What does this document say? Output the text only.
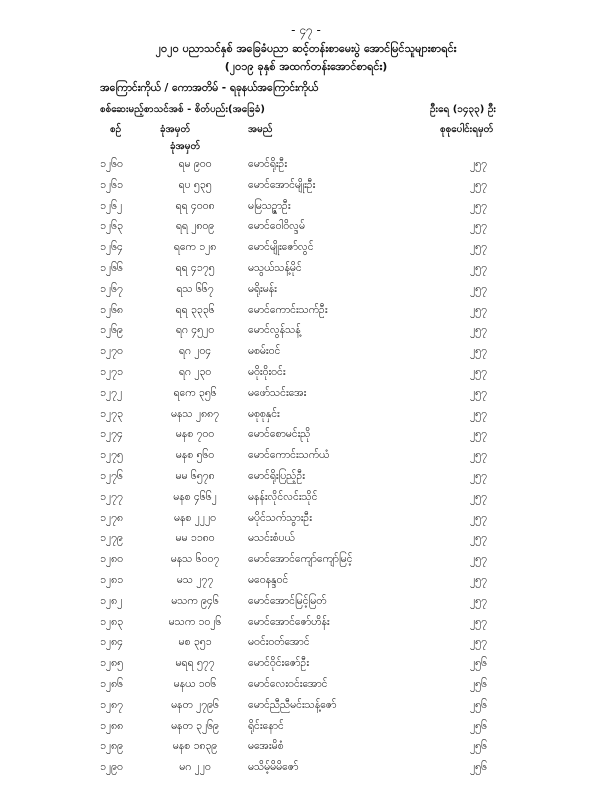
- ၄၇ -
၂၀၂၀ ပညာသင်နှစ် အခြေခံပညာ ဆင့်တန်းစာမေးပွဲ အောင်မြင်သူများစာရင်း
(၂၀၁၉ ခုနှစ် အထက်တန်းအောင်စာရင်း)
အကြောင်းကိုယ် / ကောအတိမ် - ရခုနယ်အကြောင်းကိုယ်
စစ်ဆေးမည့်စာသင်အစ် - စိတ်ပည်း(အခြေခံ)	ဦးရေ (၁၄၃၃) ဦး
စဉ်	ခုံအမှတ်	အမည်	စုစုပေါင်းရမှတ်
ခုံအမှတ်
၁၂၆၀	ရမ ၉၀၀	မောင်ရိုးဦး	၂၅၇
၁၂၆၁	ရပ ၅၃၅	မောင်အောင်မျိုးဦး	၂၅၇
၁၂၆၂	ရရ ၄၀၀၈	မမြသဉ္ဇာဦး	၂၅၇
၁၂၆၃	ရရ ၂၈၀၉	မောင်ဝေါဝိလ္ဒမ်	၂၅၇
၁၂၆၄	ရကေ ၁၂၈	မောင်မျိုးဇော်လွင်	၂၅၇
၁၂၆၆	ရရ ၄၁၇၅	မသွယ်သန့်မိုင်	၂၅၇
၁၂၆၇	ရသ ၆၆၇	မရိုးမန်း	၂၅၇
၁၂၆၈	ရရ ၃၃၃၆	မောင်ကောင်းသက်ဦး	၂၅၇
၁၂၆၉	ရဂ ၄၅၂၀	မောင်လွန်သန့်	၂၅၇
၁၂၇၀	ရဂ ၂၀၄	မစမ်းဝင်	၂၅၇
၁၂၇၁	ရဂ ၂၃၀	မဝိုးဝိုးဝင်း	၂၅၇
၁၂၇၂	ရကေ ၃၅၆	မဖော်သင်းအေး	၂၅၇
၁၂၇၃	မနသ ၂၈၈၇	မစုစုနှင်း	၂၅၇
၁၂၇၄	မနစ ၇၀၀	မောင်စောမင်းညို	၂၅၇
၁၂၇၅	မနစ ၅၆၀	မောင်ကောင်းသက်ယံ	၂၅၇
၁၂၇၆	မမ ၆၅၇၈	မောင်ရိုးပြည့်ဦး	၂၅၇
၁၂၇၇	မနစ ၄၆၆၂	မနန်းလိုင်လင်းသိုင်	၂၅၇
၁၂၇၈	မနစ ၂၂၂၀	မပိုင်သက်သွားဦး	၂၅၇
၁၂၇၉	မမ ၁၁၈၀	မသင်းစံပယ်	၂၅၇
၁၂၈၀	မနသ ၆၀၀၇	မောင်အောင်ကျော်ကျော်မြင့်	၂၅၇
၁၂၈၁	မသ ၂၇၇	မဝေနန္ဒဝင်	၂၅၇
၁၂၈၂	မသက ၉၄၆	မောင်အောင်မြင့်မြတ်	၂၅၇
၁၂၈၃	မသက ၁၀၂၆	မောင်အောင်ဇော်ဟိန်း	၂၅၇
၁၂၈၄	မစ ၃၅၁	မဝင်းဝတ်အောင်	၂၅၇
၁၂၈၅	မရရ ၅၇၇	မောင်ဝိုင်းဇော်ဦး	၂၅၆
၁၂၈၆	မနယ ၁၀၆	မောင်လေးဝင်းအောင်	၂၅၆
၁၂၈၇	မနတ ၂၇၉၆	မောင်ညီညီမင်းသန့်ဇော်	၂၅၆
၁၂၈၈	မနတ ၃၂၆၉	ရိုင်းနောင်	၂၅၆
၁၂၈၉	မနစ ၁၈၃၉	မအေးမိစံ	၂၅၆
၁၂၉၀	မဂ ၂၂၀	မသိမ့်မိမိဇော်	၂၅၆
